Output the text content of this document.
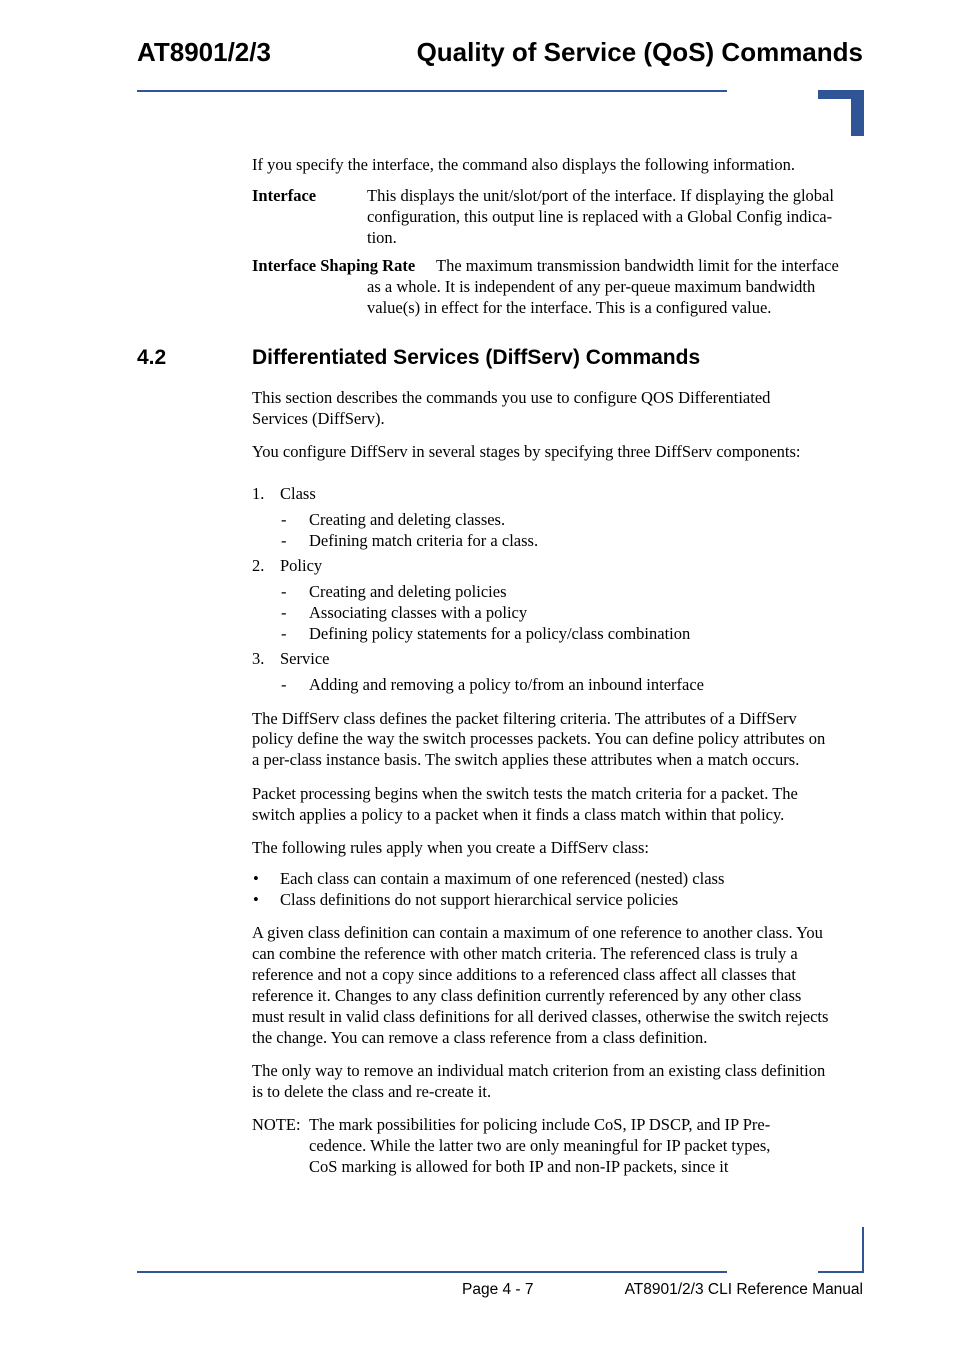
AT8901/2/3	Quality of Service (QoS) Commands
If you specify the interface, the command also displays the following information.
Interface	This displays the unit/slot/port of the interface. If displaying the global
configuration, this output line is replaced with a Global Config indica-
tion.
Interface Shaping Rate The maximum transmission bandwidth limit for the interface
as a whole. It is independent of any per-queue maximum bandwidth
value(s) in effect for the interface. This is a configured value.
4.2	Differentiated Services (DiffServ) Commands
This section describes the commands you use to configure QOS Differentiated
Services (DiffServ).
You configure DiffServ in several stages by specifying three DiffServ components:
1. Class
- Creating and deleting classes.
- Defining match criteria for a class.
2. Policy
- Creating and deleting policies
- Associating classes with a policy
- Defining policy statements for a policy/class combination
3. Service
- Adding and removing a policy to/from an inbound interface
The DiffServ class defines the packet filtering criteria. The attributes of a DiffServ
policy define the way the switch processes packets. You can define policy attributes on
a per-class instance basis. The switch applies these attributes when a match occurs.
Packet processing begins when the switch tests the match criteria for a packet. The
switch applies a policy to a packet when it finds a class match within that policy.
The following rules apply when you create a DiffServ class:
• Each class can contain a maximum of one referenced (nested) class
• Class definitions do not support hierarchical service policies
A given class definition can contain a maximum of one reference to another class. You
can combine the reference with other match criteria. The referenced class is truly a
reference and not a copy since additions to a referenced class affect all classes that
reference it. Changes to any class definition currently referenced by any other class
must result in valid class definitions for all derived classes, otherwise the switch rejects
the change. You can remove a class reference from a class definition.
The only way to remove an individual match criterion from an existing class definition
is to delete the class and re-create it.
NOTE: The mark possibilities for policing include CoS, IP DSCP, and IP Pre-
cedence. While the latter two are only meaningful for IP packet types,
CoS marking is allowed for both IP and non-IP packets, since it
Page 4 - 7	AT8901/2/3 CLI Reference Manual
